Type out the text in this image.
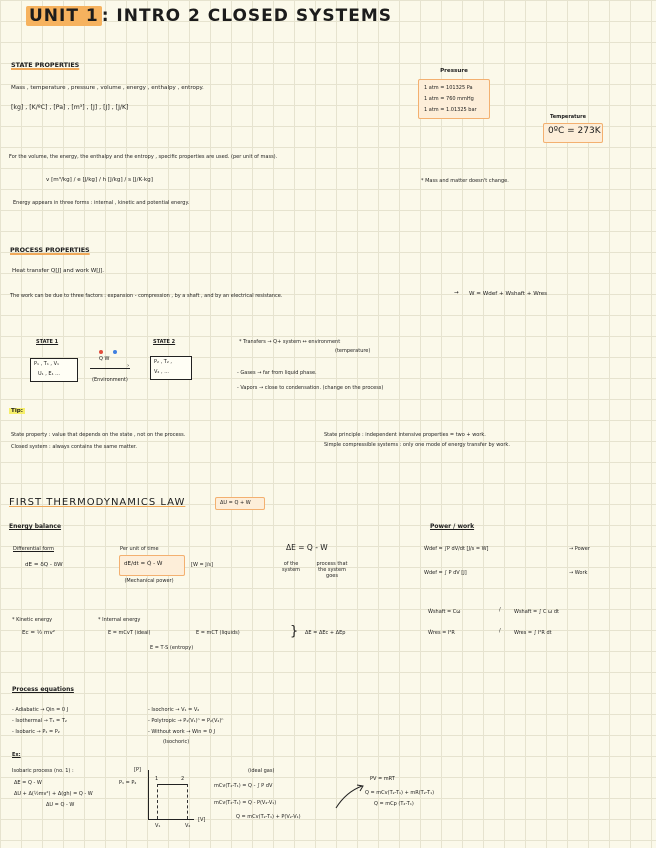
UNIT 1 : INTRO 2 CLOSED SYSTEMS
STATE PROPERTIES
Mass , temperature , pressure , volume , energy , enthalpy , entropy.
[kg] , [K/ºC] , [Pa] , [m³] , [J] , [J] , [J/K]
Pressure
1 atm = 101325 Pa
1 atm = 760 mmHg
1 atm = 1.01325 bar
Temperature
0ºC = 273K
For the volume, the energy, the enthalpy and the entropy , specific properties are used. (per unit of mass).
v [m³/kg] / e [J/kg] / h [J/kg] / s [J/K·kg]	* Mass and matter doesn't change.
Energy appears in three forms : internal , kinetic and potential energy.
PROCESS PROPERTIES
Heat transfer Q[J] and work W[J].
The work can be due to three factors : expansion - compression , by a shaft , and by an electrical resistance.	→ W = Wdef + Wshaft + Wres
STATE 1
P₁ , T₁ , V₁
U₁ , E₁ ...
Q W
›
(Environment)
STATE 2
P₂ , T₂ ,
V₂ , ...
* Transfers → Q+ system ↔ environment
(temperature)
- Gases → far from liquid phase.
- Vapors → close to condensation. (change on the process)
Tip:
State property : value that depends on the state , not on the process.
Closed system : always contains the same matter.
State principle : independent intensive properties = two + work.
Simple compressible systems : only one mode of energy transfer by work.
FIRST THERMODYNAMICS LAW	ΔU = Q + W
Energy balance
Differential form
dE = δQ - δW
Per unit of time
dE/dt = Q̇ - Ẇ	[W = J/s]
(Mechanical power)
ΔE = Q - W
of the system
process that the system goes
Power / work
Ẇdef = ∫P dV/dt [J/s = W]	→ Power
Wdef = ∫ P dV [J]	→ Work
Ẇshaft = Cω	/	Wshaft = ∫ C ω dt
Ẇres = I²R	/	Wres = ∫ I²R dt
* Kinetic energy
Ec = ½ mv²
* Internal energy
E = mCvT (ideal)	E = mCT (liquids)
E = T·S (entropy)
} ΔE = ΔEc + ΔEp
Process equations
- Adiabatic → Qin = 0 J
- Isothermal → T₁ = T₂
- Isobaric → P₁ = P₂
- Isochoric → V₁ = V₂
- Polytropic → P₁(V₁)ⁿ = P₂(V₂)ⁿ
- Without work → Win = 0 J
(Isochoric)
Ex:
Isobaric process (no. 1) :
ΔE = Q - W
ΔU + Δ(½mv²) + Δ(gh) = Q - W
ΔU = Q - W
[P]
P₁ = P₂
1	2
V₁	V₂
[V]
(ideal gas)
mCv(T₂-T₁) = Q - ∫ P dV
mCv(T₂-T₁) = Q - P(V₂-V₁)
Q = mCv(T₂-T₁) + P(V₂-V₁)
PV = mRT
Q = mCv(T₂-T₁) + mR(T₂-T₁)
Q = mCp (T₂-T₁)
